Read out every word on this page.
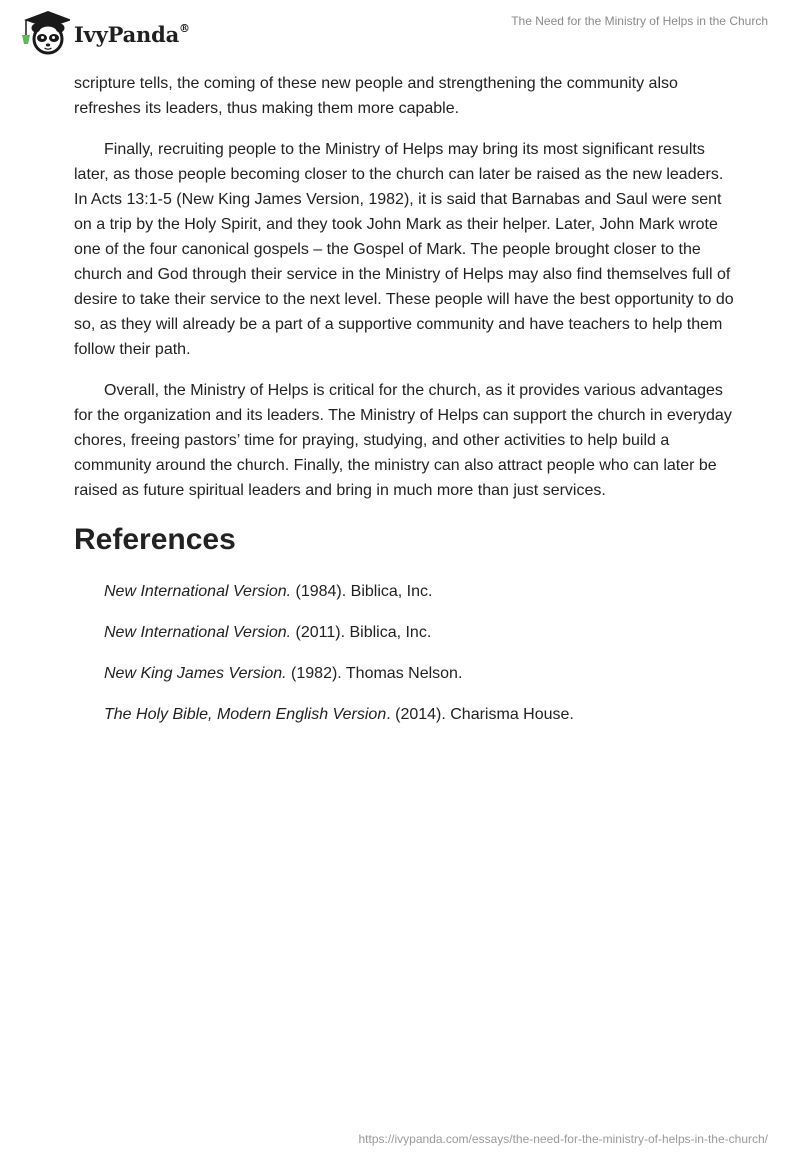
IvyPanda®	The Need for the Ministry of Helps in the Church

scripture tells, the coming of these new people and strengthening the community also refreshes its leaders, thus making them more capable.

Finally, recruiting people to the Ministry of Helps may bring its most significant results later, as those people becoming closer to the church can later be raised as the new leaders. In Acts 13:1-5 (New King James Version, 1982), it is said that Barnabas and Saul were sent on a trip by the Holy Spirit, and they took John Mark as their helper. Later, John Mark wrote one of the four canonical gospels – the Gospel of Mark. The people brought closer to the church and God through their service in the Ministry of Helps may also find themselves full of desire to take their service to the next level. These people will have the best opportunity to do so, as they will already be a part of a supportive community and have teachers to help them follow their path.

Overall, the Ministry of Helps is critical for the church, as it provides various advantages for the organization and its leaders. The Ministry of Helps can support the church in everyday chores, freeing pastors’ time for praying, studying, and other activities to help build a community around the church. Finally, the ministry can also attract people who can later be raised as future spiritual leaders and bring in much more than just services.

References
New International Version. (1984). Biblica, Inc.
New International Version. (2011). Biblica, Inc.
New King James Version. (1982). Thomas Nelson.
The Holy Bible, Modern English Version. (2014). Charisma House.
https://ivypanda.com/essays/the-need-for-the-ministry-of-helps-in-the-church/
